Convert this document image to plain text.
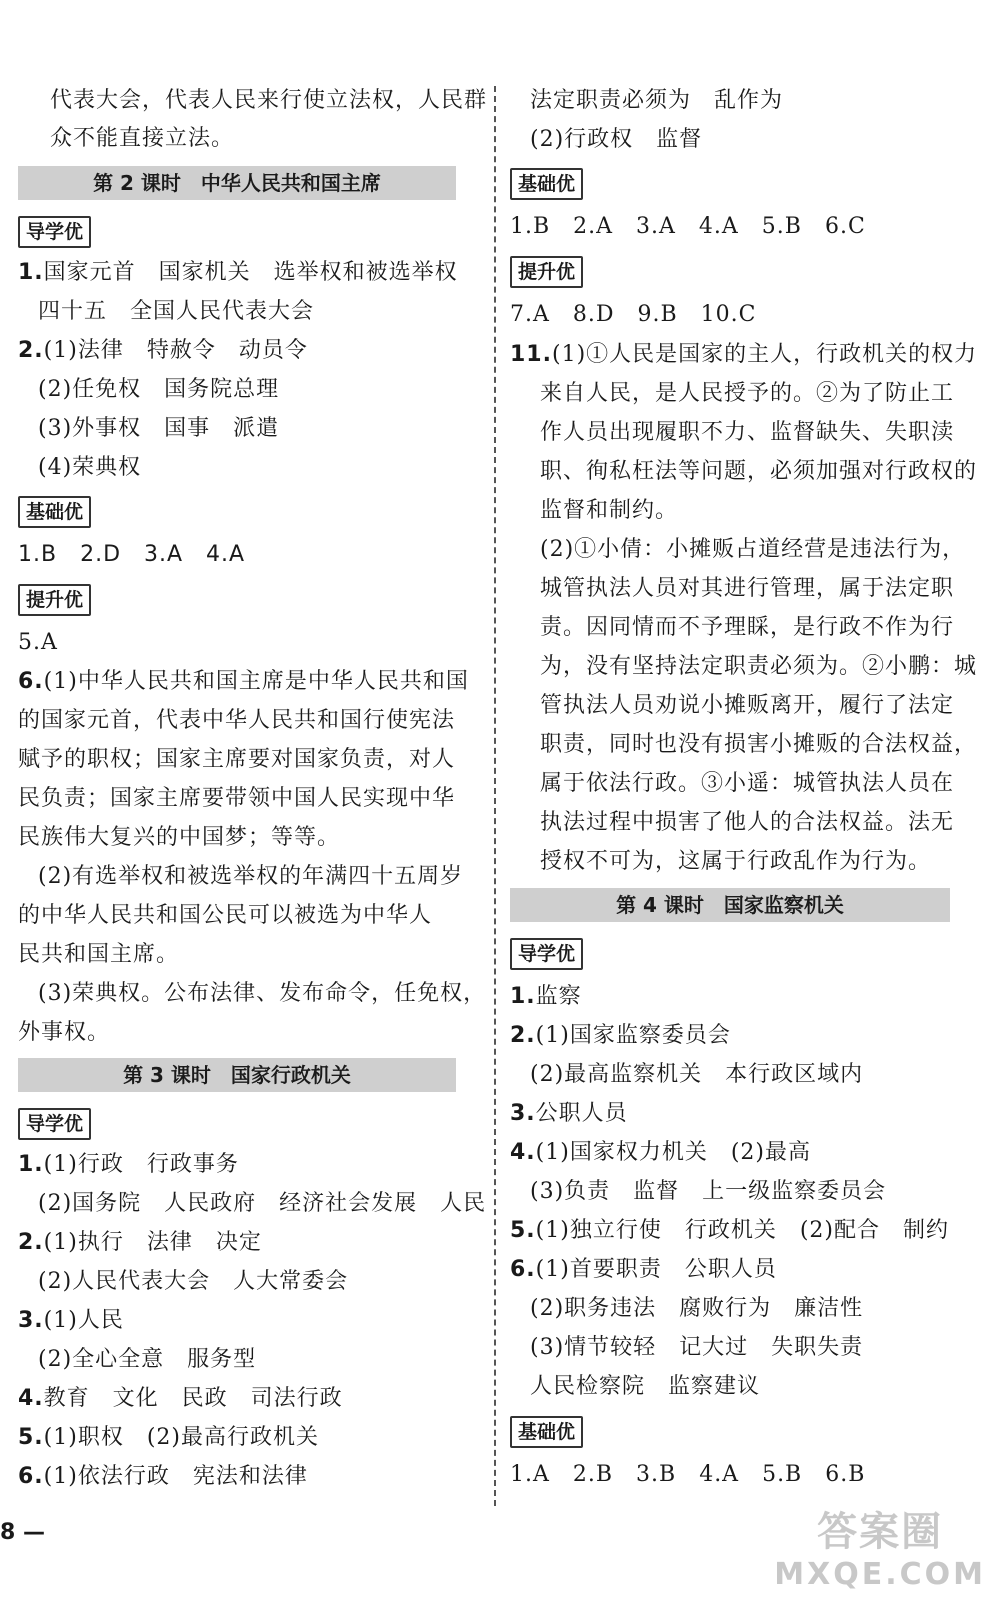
代表大会，代表人民来行使立法权，人民群
众不能直接立法。
第 2 课时　中华人民共和国主席
导学优
1.国家元首　国家机关　选举权和被选举权
四十五　全国人民代表大会
2.(1)法律　特赦令　动员令
(2)任免权　国务院总理
(3)外事权　国事　派遣
(4)荣典权
基础优
1.B　2.D　3.A　4.A
提升优
5.A
6.(1)中华人民共和国主席是中华人民共和国
的国家元首，代表中华人民共和国行使宪法
赋予的职权；国家主席要对国家负责，对人
民负责；国家主席要带领中国人民实现中华
民族伟大复兴的中国梦；等等。
(2)有选举权和被选举权的年满四十五周岁
的中华人民共和国公民可以被选为中华人
民共和国主席。
(3)荣典权。公布法律、发布命令，任免权，
外事权。
第 3 课时　国家行政机关
导学优
1.(1)行政　行政事务
(2)国务院　人民政府　经济社会发展　人民
2.(1)执行　法律　决定
(2)人民代表大会　人大常委会
3.(1)人民
(2)全心全意　服务型
4.教育　文化　民政　司法行政
5.(1)职权　(2)最高行政机关
6.(1)依法行政　宪法和法律
8 —
法定职责必须为　乱作为
(2)行政权　监督
基础优
1.B　2.A　3.A　4.A　5.B　6.C
提升优
7.A　8.D　9.B　10.C
11.(1)①人民是国家的主人，行政机关的权力
来自人民，是人民授予的。②为了防止工
作人员出现履职不力、监督缺失、失职渎
职、徇私枉法等问题，必须加强对行政权的
监督和制约。
(2)①小倩：小摊贩占道经营是违法行为，
城管执法人员对其进行管理，属于法定职
责。因同情而不予理睬，是行政不作为行
为，没有坚持法定职责必须为。②小鹏：城
管执法人员劝说小摊贩离开，履行了法定
职责，同时也没有损害小摊贩的合法权益，
属于依法行政。③小遥：城管执法人员在
执法过程中损害了他人的合法权益。法无
授权不可为，这属于行政乱作为行为。
第 4 课时　国家监察机关
导学优
1.监察
2.(1)国家监察委员会
(2)最高监察机关　本行政区域内
3.公职人员
4.(1)国家权力机关　(2)最高
(3)负责　监督　上一级监察委员会
5.(1)独立行使　行政机关　(2)配合　制约
6.(1)首要职责　公职人员
(2)职务违法　腐败行为　廉洁性
(3)情节较轻　记大过　失职失责
人民检察院　监察建议
基础优
1.A　2.B　3.B　4.A　5.B　6.B
答案圈
MXQE.COM
